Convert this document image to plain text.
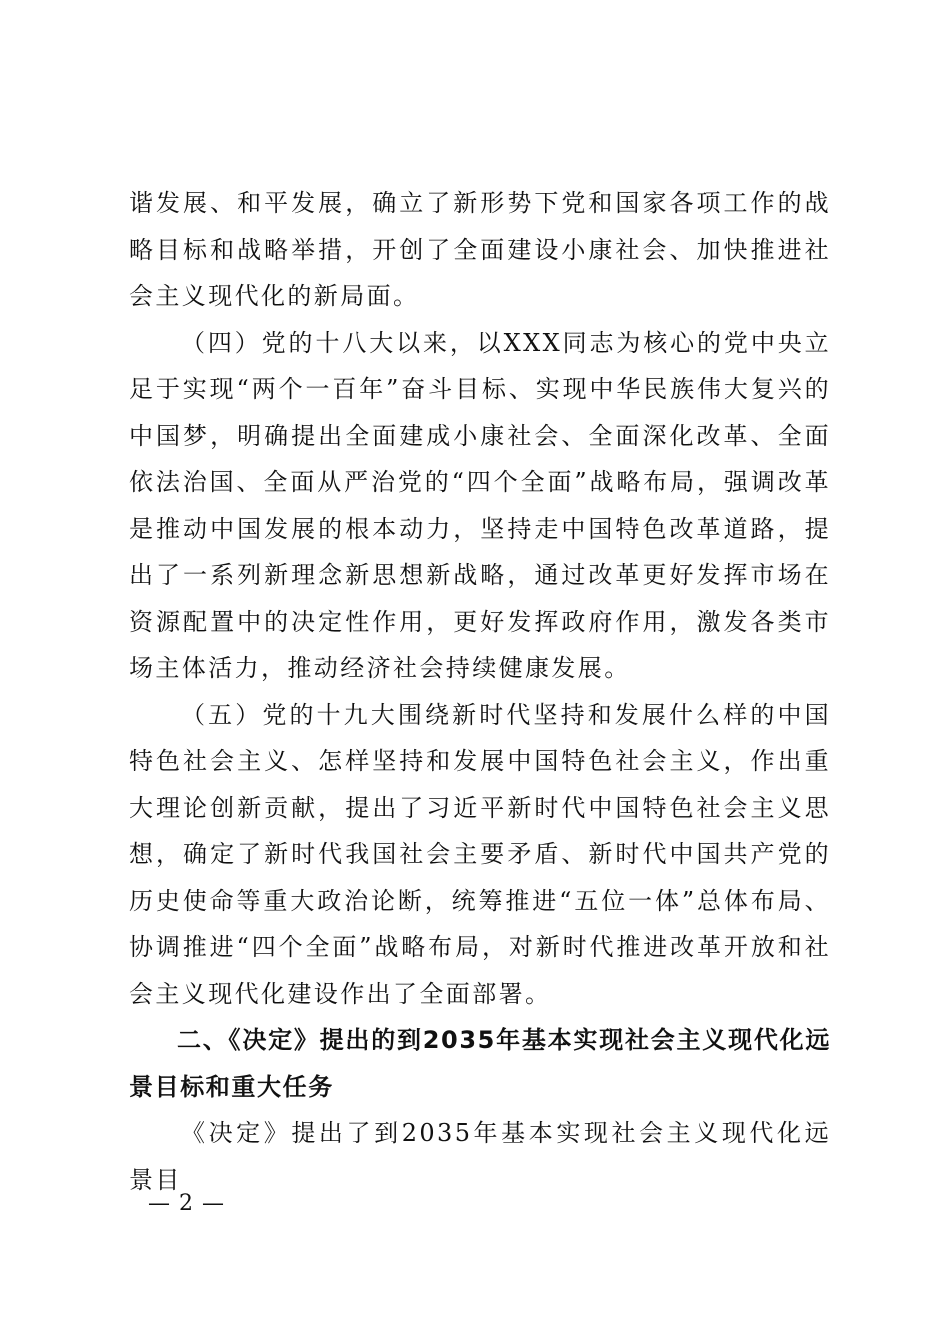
谐发展、和平发展，确立了新形势下党和国家各项工作的战略目标和战略举措，开创了全面建设小康社会、加快推进社会主义现代化的新局面。

（四）党的十八大以来，以XXX同志为核心的党中央立足于实现“两个一百年”奋斗目标、实现中华民族伟大复兴的中国梦，明确提出全面建成小康社会、全面深化改革、全面依法治国、全面从严治党的“四个全面”战略布局，强调改革是推动中国发展的根本动力，坚持走中国特色改革道路，提出了一系列新理念新思想新战略，通过改革更好发挥市场在资源配置中的决定性作用，更好发挥政府作用，激发各类市场主体活力，推动经济社会持续健康发展。

（五）党的十九大围绕新时代坚持和发展什么样的中国特色社会主义、怎样坚持和发展中国特色社会主义，作出重大理论创新贡献，提出了习近平新时代中国特色社会主义思想，确定了新时代我国社会主要矛盾、新时代中国共产党的历史使命等重大政治论断，统筹推进“五位一体”总体布局、协调推进“四个全面”战略布局，对新时代推进改革开放和社会主义现代化建设作出了全面部署。

二、《决定》提出的到2035年基本实现社会主义现代化远景目标和重大任务

《决定》提出了到2035年基本实现社会主义现代化远景目

— 2 —
